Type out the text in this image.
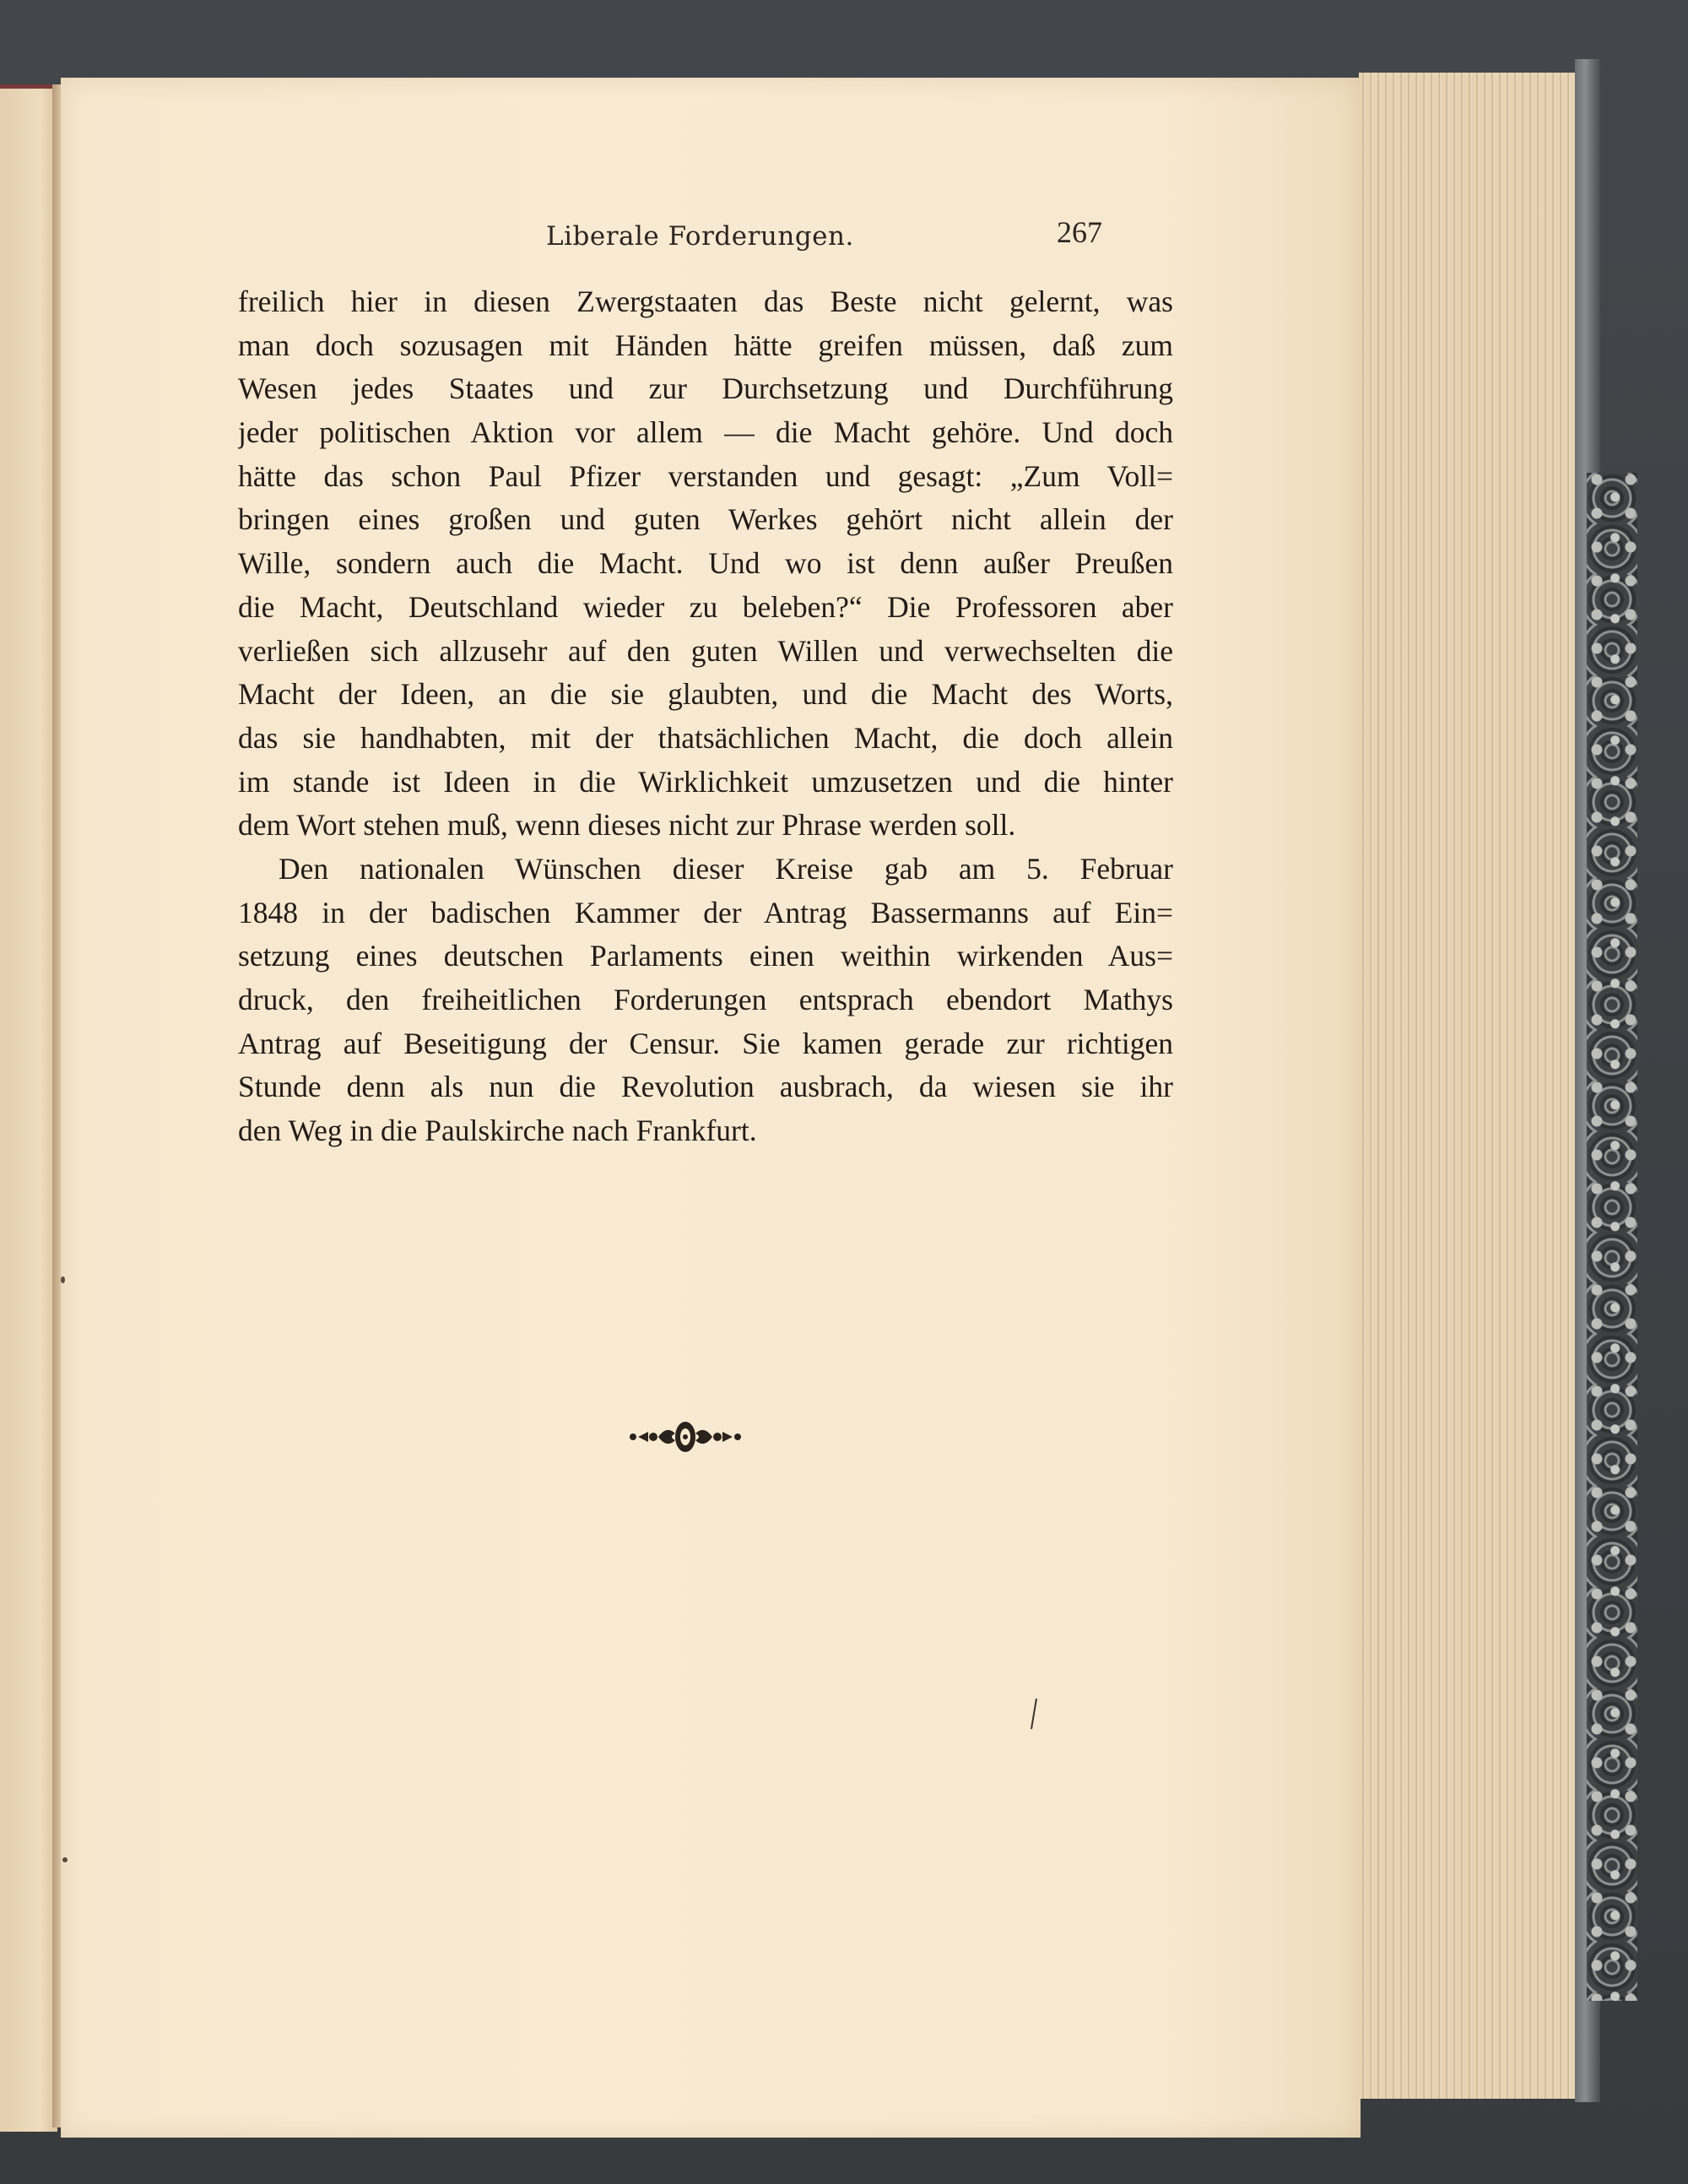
Liberale Forderungen.	267
freilich hier in diesen Zwergstaaten das Beste nicht gelernt, was
man doch sozusagen mit Händen hätte greifen müssen, daß zum
Wesen jedes Staates und zur Durchsetzung und Durchführung
jeder politischen Aktion vor allem — die Macht gehöre. Und doch
hätte das schon Paul Pfizer verstanden und gesagt: „Zum Voll=
bringen eines großen und guten Werkes gehört nicht allein der
Wille, sondern auch die Macht. Und wo ist denn außer Preußen
die Macht, Deutschland wieder zu beleben?“ Die Professoren aber
verließen sich allzusehr auf den guten Willen und verwechselten die
Macht der Ideen, an die sie glaubten, und die Macht des Worts,
das sie handhabten, mit der thatsächlichen Macht, die doch allein
im stande ist Ideen in die Wirklichkeit umzusetzen und die hinter
dem Wort stehen muß, wenn dieses nicht zur Phrase werden soll.
Den nationalen Wünschen dieser Kreise gab am 5. Februar
1848 in der badischen Kammer der Antrag Bassermanns auf Ein=
setzung eines deutschen Parlaments einen weithin wirkenden Aus=
druck, den freiheitlichen Forderungen entsprach ebendort Mathys
Antrag auf Beseitigung der Censur. Sie kamen gerade zur richtigen
Stunde denn als nun die Revolution ausbrach, da wiesen sie ihr
den Weg in die Paulskirche nach Frankfurt.
